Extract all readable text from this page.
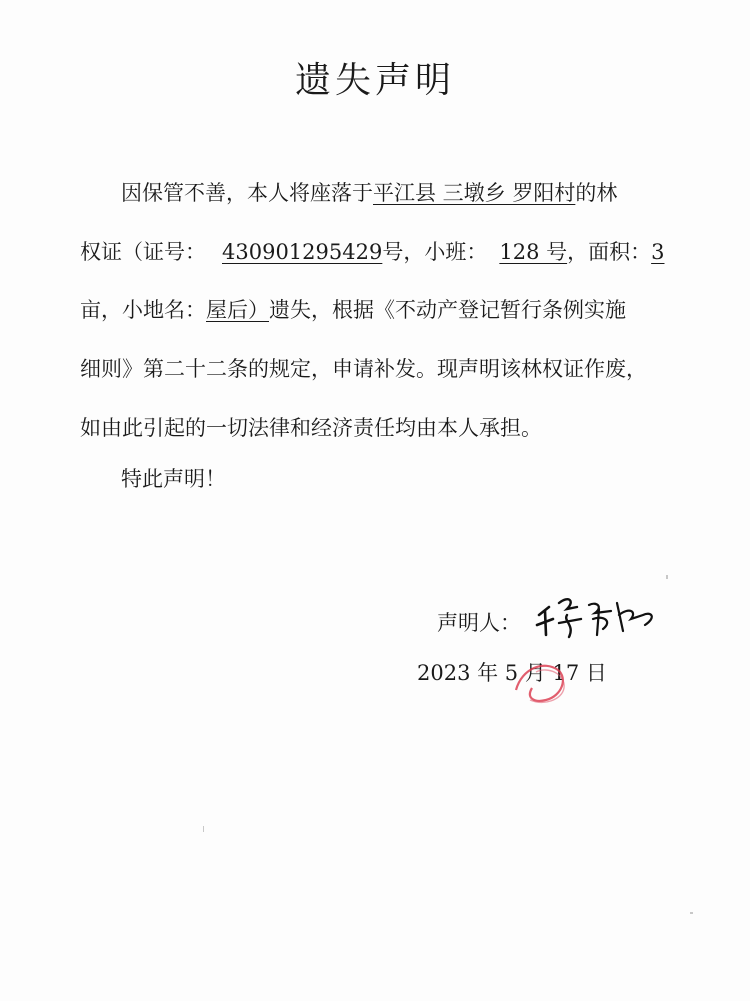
遗失声明
因保管不善，本人将座落于平江县 三墩乡 罗阳村的林
权证（证号： 430901295429号，小班： 128 号，面积：3
亩，小地名：屋后）遗失，根据《不动产登记暂行条例实施
细则》第二十二条的规定，申请补发。现声明该林权证作废，
如由此引起的一切法律和经济责任均由本人承担。
特此声明！
声明人：
2023 年 5 月 17 日
